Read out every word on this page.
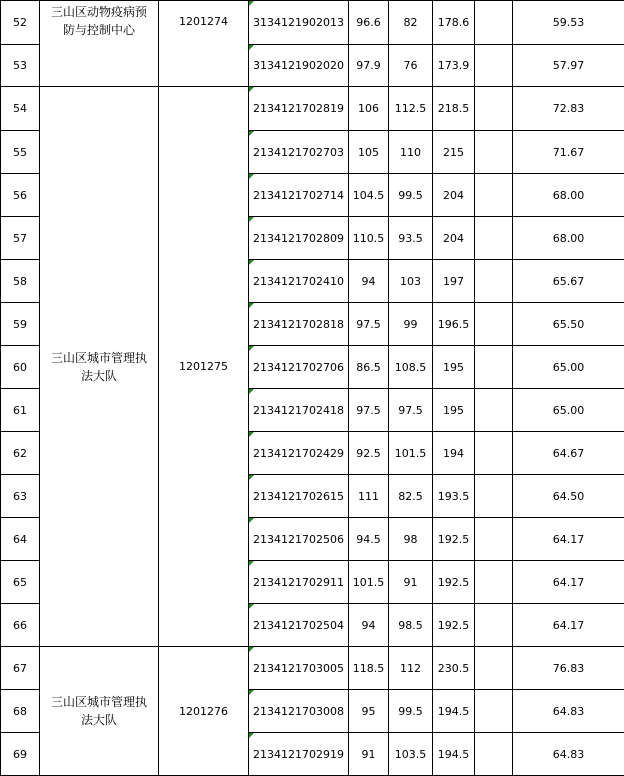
52	三山区动物疫病预防与控制中心	1201274	3134121902013	96.6	82	178.6		59.53
53			3134121902020	97.9	76	173.9		57.97
54	三山区城市管理执法大队	1201275	2134121702819	106	112.5	218.5		72.83
55			2134121702703	105	110	215		71.67
56			2134121702714	104.5	99.5	204		68.00
57			2134121702809	110.5	93.5	204		68.00
58			2134121702410	94	103	197		65.67
59			2134121702818	97.5	99	196.5		65.50
60			2134121702706	86.5	108.5	195		65.00
61			2134121702418	97.5	97.5	195		65.00
62			2134121702429	92.5	101.5	194		64.67
63			2134121702615	111	82.5	193.5		64.50
64			2134121702506	94.5	98	192.5		64.17
65			2134121702911	101.5	91	192.5		64.17
66			2134121702504	94	98.5	192.5		64.17
67	三山区城市管理执法大队	1201276	2134121703005	118.5	112	230.5		76.83
68			2134121703008	95	99.5	194.5		64.83
69			2134121702919	91	103.5	194.5		64.83
